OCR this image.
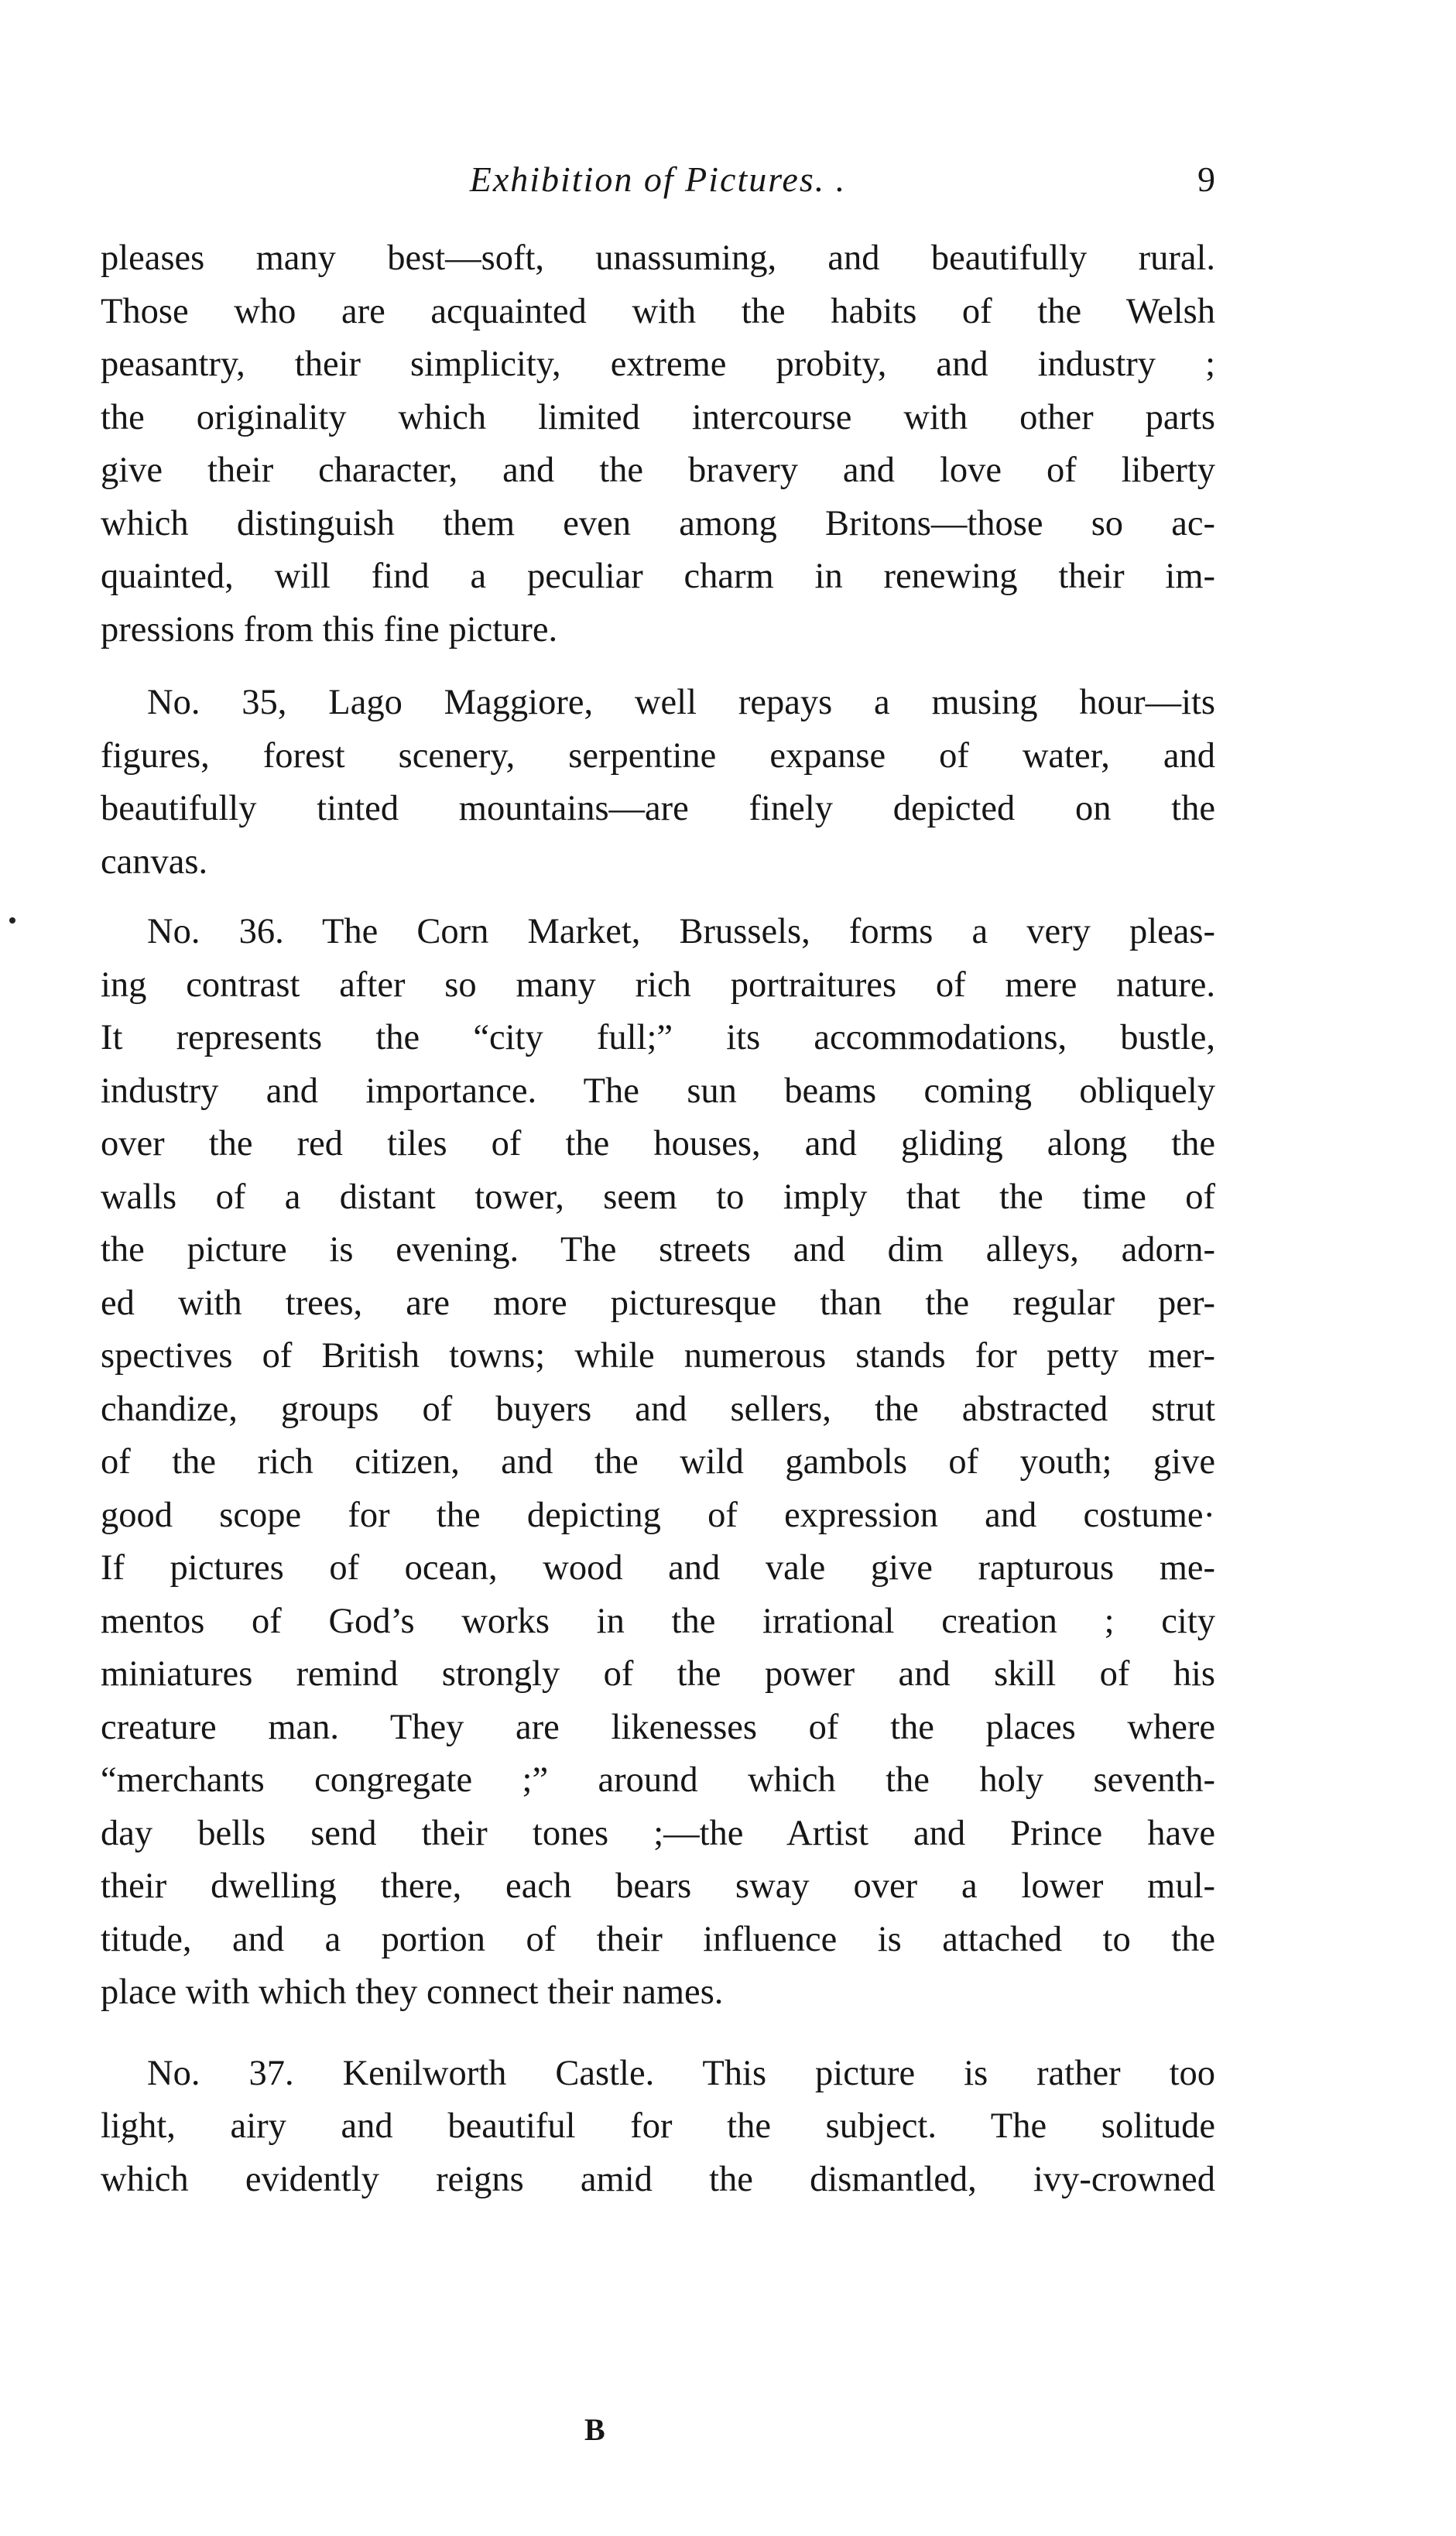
Exhibition of Pictures. .	9
pleases many best—soft, unassuming, and beautifully rural.
Those who are acquainted with the habits of the Welsh
peasantry, their simplicity, extreme probity, and industry ;
the originality which limited intercourse with other parts
give their character, and the bravery and love of liberty
which distinguish them even among Britons—those so ac-
quainted, will find a peculiar charm in renewing their im-
pressions from this fine picture.
No. 35, Lago Maggiore, well repays a musing hour—its
figures, forest scenery, serpentine expanse of water, and
beautifully tinted mountains—are finely depicted on the
canvas.
No. 36. The Corn Market, Brussels, forms a very pleas-
ing contrast after so many rich portraitures of mere nature.
It represents the “city full;” its accommodations, bustle,
industry and importance. The sun beams coming obliquely
over the red tiles of the houses, and gliding along the
walls of a distant tower, seem to imply that the time of
the picture is evening. The streets and dim alleys, adorn-
ed with trees, are more picturesque than the regular per-
spectives of British towns; while numerous stands for petty mer-
chandize, groups of buyers and sellers, the abstracted strut
of the rich citizen, and the wild gambols of youth; give
good scope for the depicting of expression and costume·
If pictures of ocean, wood and vale give rapturous me-
mentos of God’s works in the irrational creation ; city
miniatures remind strongly of the power and skill of his
creature man. They are likenesses of the places where
“merchants congregate ;” around which the holy seventh-
day bells send their tones ;—the Artist and Prince have
their dwelling there, each bears sway over a lower mul-
titude, and a portion of their influence is attached to the
place with which they connect their names.
No. 37. Kenilworth Castle. This picture is rather too
light, airy and beautiful for the subject. The solitude
which evidently reigns amid the dismantled, ivy-crowned
B
